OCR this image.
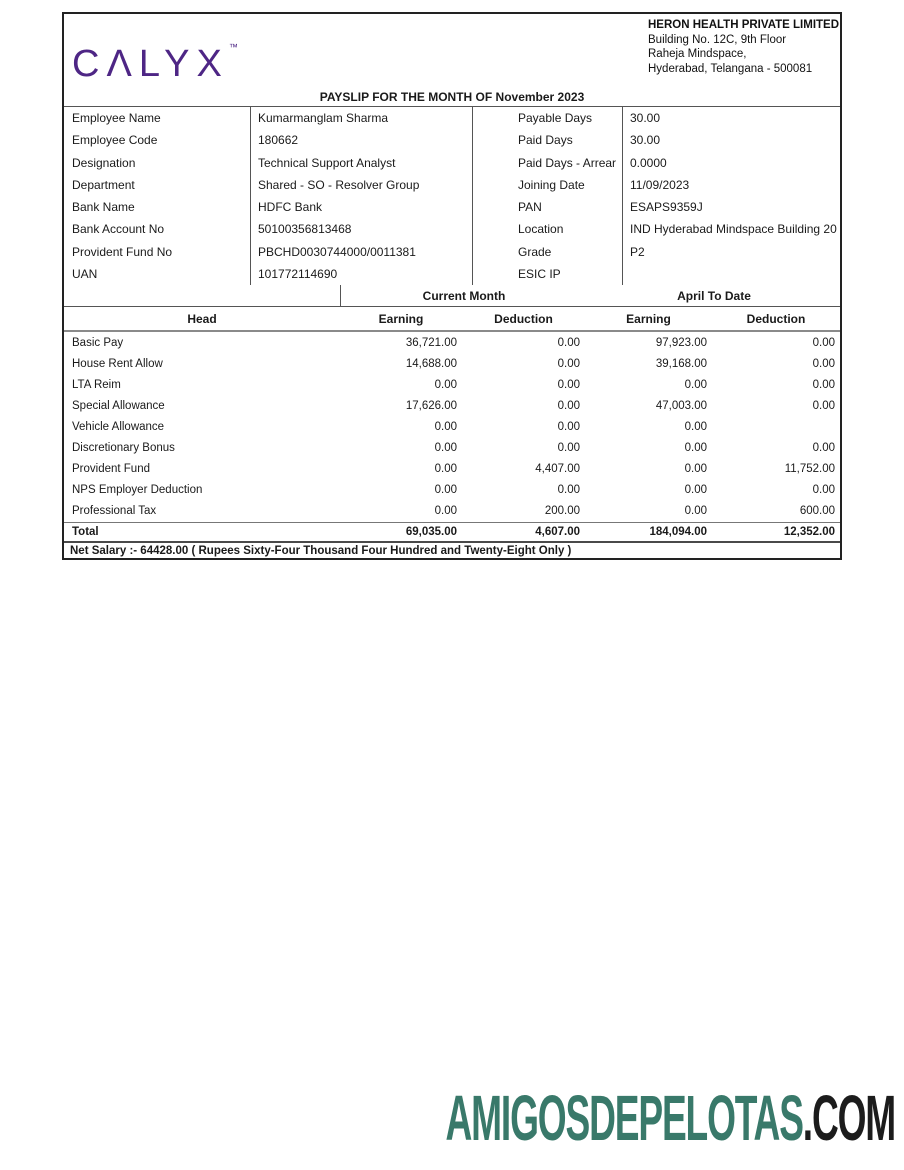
CΛLYX™
HERON HEALTH PRIVATE LIMITED
Building No. 12C, 9th Floor
Raheja Mindspace,
Hyderabad, Telangana - 500081
PAYSLIP FOR THE MONTH OF November 2023
Employee Name	Kumarmanglam Sharma	Payable Days	30.00
Employee Code	180662	Paid Days	30.00
Designation	Technical Support Analyst	Paid Days - Arrear	0.0000
Department	Shared - SO - Resolver Group	Joining Date	11/09/2023
Bank Name	HDFC Bank	PAN	ESAPS9359J
Bank Account No	50100356813468	Location	IND Hyderabad Mindspace Building 20
Provident Fund No	PBCHD0030744000/0011381	Grade	P2
UAN	101772114690	ESIC IP
Current Month	April To Date
Head	Earning	Deduction	Earning	Deduction
Basic Pay	36,721.00	0.00	97,923.00	0.00
House Rent Allow	14,688.00	0.00	39,168.00	0.00
LTA Reim	0.00	0.00	0.00	0.00
Special Allowance	17,626.00	0.00	47,003.00	0.00
Vehicle Allowance	0.00	0.00	0.00
Discretionary Bonus	0.00	0.00	0.00	0.00
Provident Fund	0.00	4,407.00	0.00	11,752.00
NPS Employer Deduction	0.00	0.00	0.00	0.00
Professional Tax	0.00	200.00	0.00	600.00
Total	69,035.00	4,607.00	184,094.00	12,352.00
Net Salary :- 64428.00 ( Rupees Sixty-Four Thousand Four Hundred and Twenty-Eight Only )
AMIGOSDEPELOTAS.COM
